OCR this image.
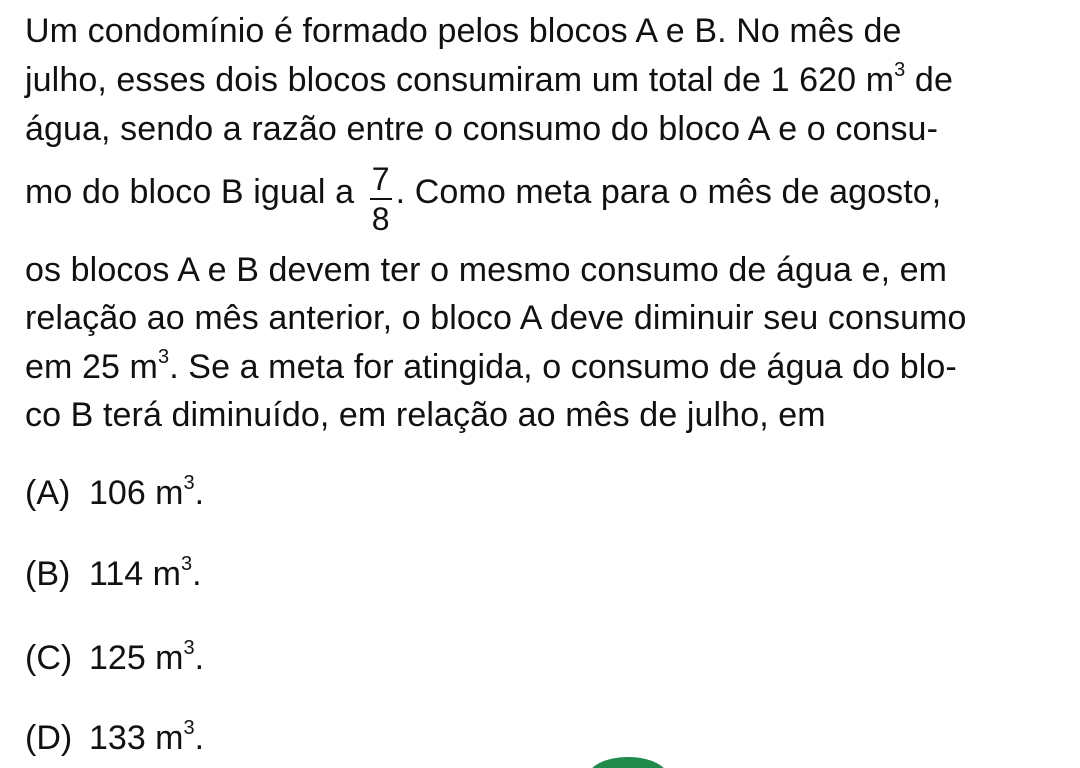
Um condomínio é formado pelos blocos A e B. No mês de
julho, esses dois blocos consumiram um total de 1 620 $m^3$ de
água, sendo a razão entre o consumo do bloco A e o consu-
mo do bloco B igual a $\frac{7}{8}$ . Como meta para o mês de agosto,
os blocos A e B devem ter o mesmo consumo de água e, em
relação ao mês anterior, o bloco A deve diminuir seu consumo
em 25 $m^3$. Se a meta for atingida, o consumo de água do blo-
co B terá diminuído, em relação ao mês de julho, em
(A) 106 $m^3$.
(B) 114 $m^3$.
(C) 125 $m^3$.
(D) 133 $m^3$.
